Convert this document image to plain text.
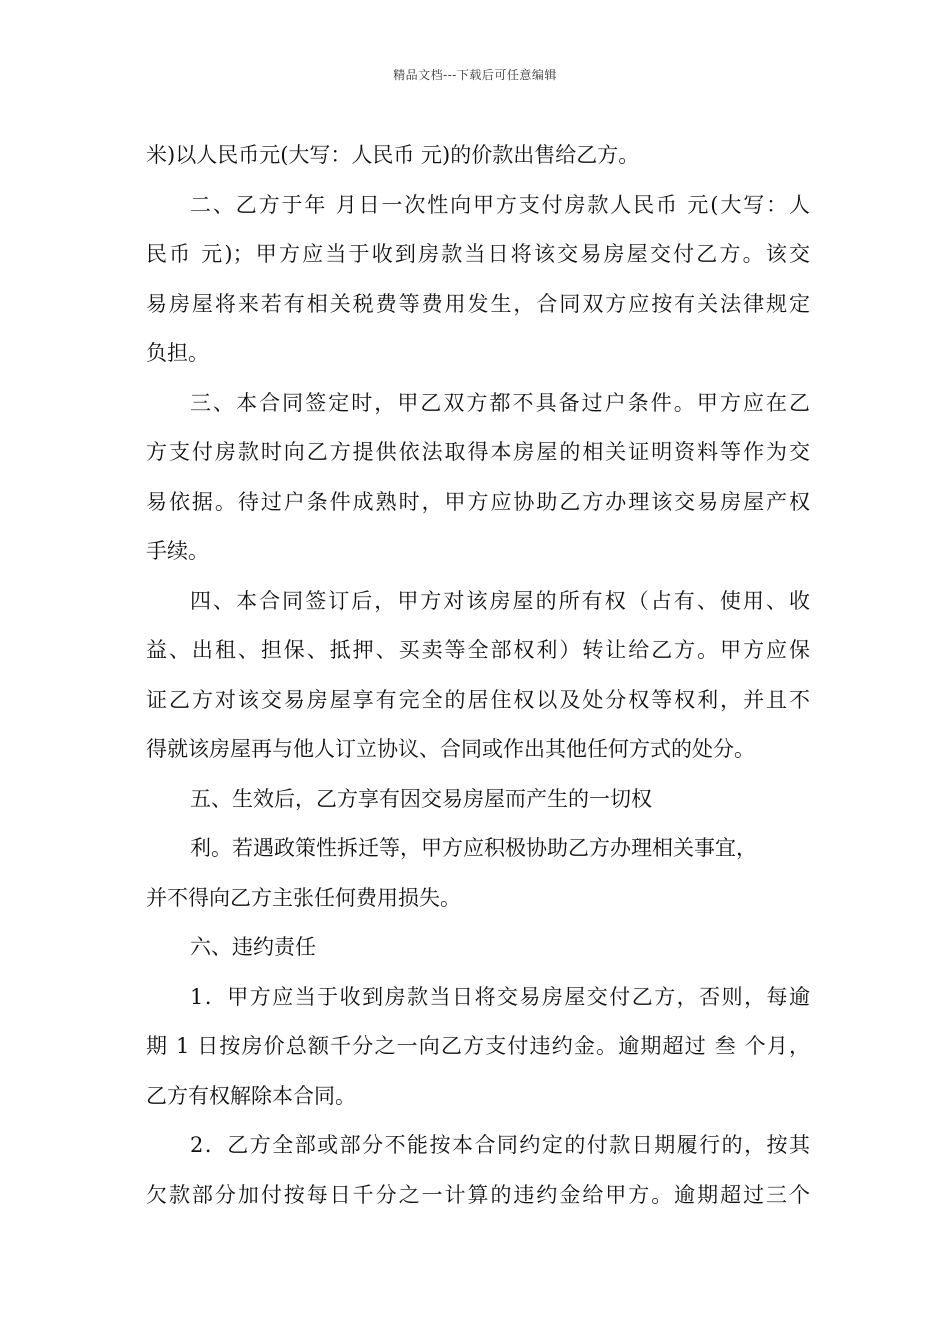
精品文档---下载后可任意编辑
米)以人民币元(大写：人民币 元)的价款出售给乙方。
二、乙方于年 月日一次性向甲方支付房款人民币 元(大写：人
民币 元)；甲方应当于收到房款当日将该交易房屋交付乙方。该交
易房屋将来若有相关税费等费用发生，合同双方应按有关法律规定
负担。
三、本合同签定时，甲乙双方都不具备过户条件。甲方应在乙
方支付房款时向乙方提供依法取得本房屋的相关证明资料等作为交
易依据。待过户条件成熟时，甲方应协助乙方办理该交易房屋产权
手续。
四、本合同签订后，甲方对该房屋的所有权（占有、使用、收
益、出租、担保、抵押、买卖等全部权利）转让给乙方。甲方应保
证乙方对该交易房屋享有完全的居住权以及处分权等权利，并且不
得就该房屋再与他人订立协议、合同或作出其他任何方式的处分。
五、生效后，乙方享有因交易房屋而产生的一切权
利。若遇政策性拆迁等，甲方应积极协助乙方办理相关事宜，
并不得向乙方主张任何费用损失。
六、违约责任
1．甲方应当于收到房款当日将交易房屋交付乙方，否则，每逾
期 1 日按房价总额千分之一向乙方支付违约金。逾期超过 叁 个月，
乙方有权解除本合同。
2．乙方全部或部分不能按本合同约定的付款日期履行的，按其
欠款部分加付按每日千分之一计算的违约金给甲方。逾期超过三个
